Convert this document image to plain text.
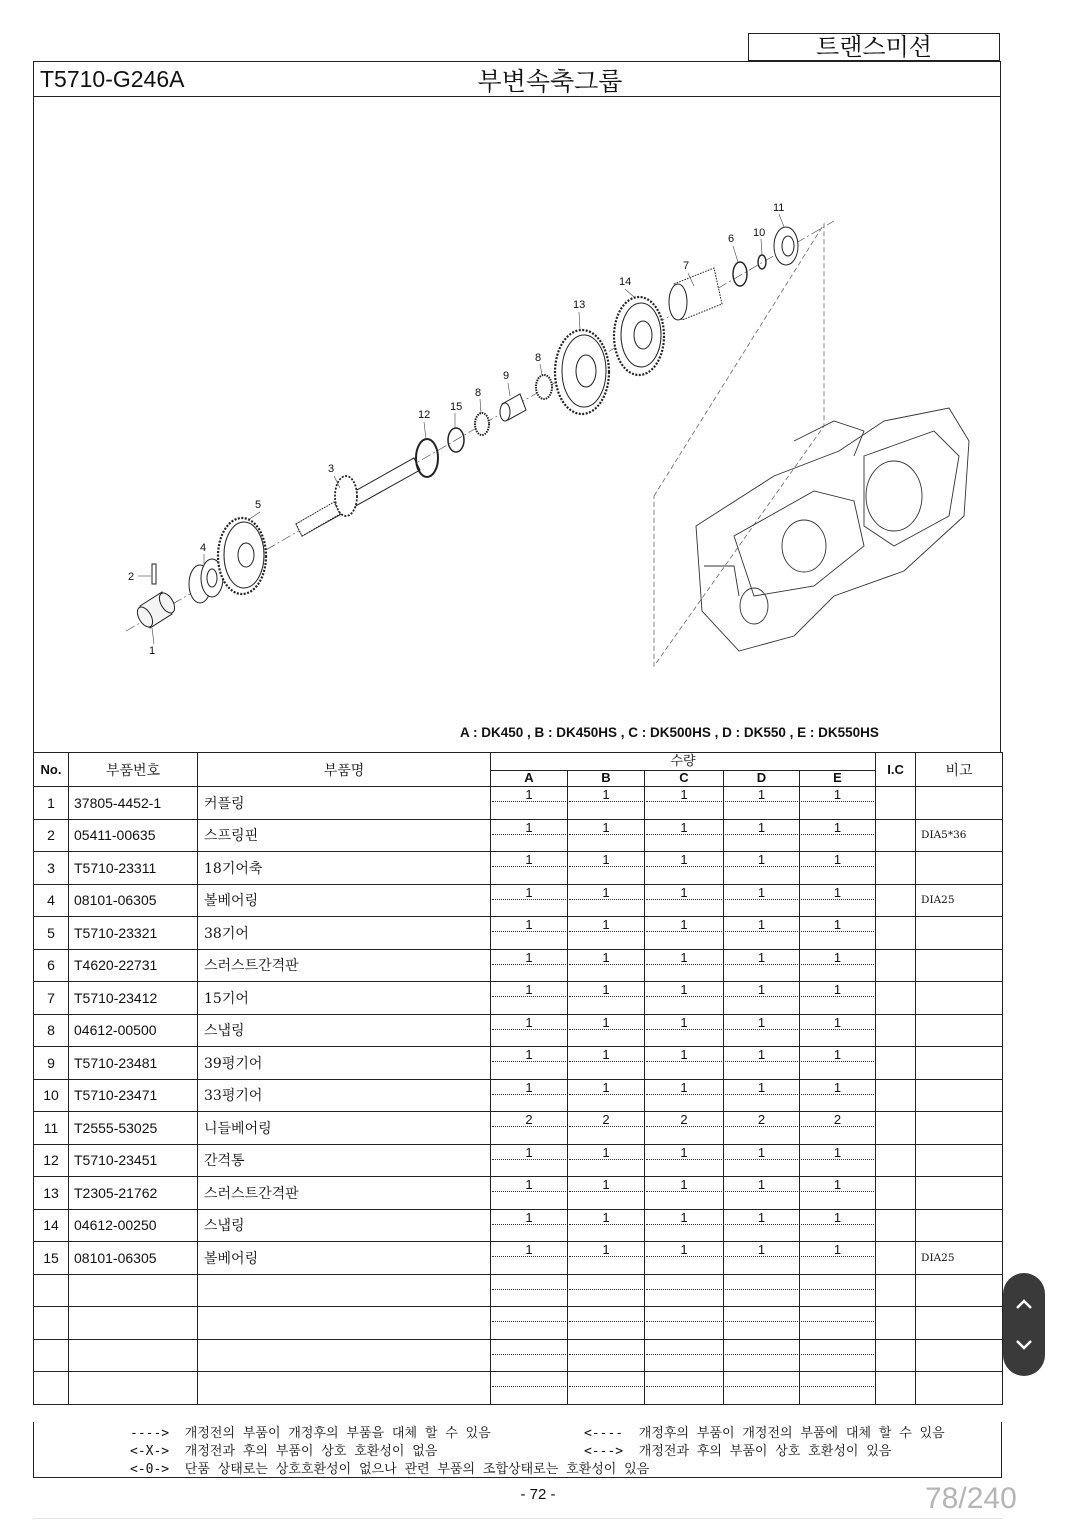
트랜스미션
T5710-G246A	부변속축그룹
1
2
3
4
5
6
7
8
8
9
10
11
12
13
14
15
A : DK450 , B : DK450HS , C : DK500HS , D : DK550 , E : DK550HS
No.	부품번호	부품명	수량					I.C	비고
			A	B	C	D	E		
1	37805-4452-1	커플링	1	1	1	1	1		

2	05411-00635	스프링핀	1	1	1	1	1		DIA5*36
3	T5710-23311	18기어축	1	1	1	1	1		

4	08101-06305	볼베어링	1	1	1	1	1		DIA25
5	T5710-23321	38기어	1	1	1	1	1		

6	T4620-22731	스러스트간격판	1	1	1	1	1		

7	T5710-23412	15기어	1	1	1	1	1		

8	04612-00500	스냅링	1	1	1	1	1		

9	T5710-23481	39평기어	1	1	1	1	1		

10	T5710-23471	33평기어	1	1	1	1	1		

11	T2555-53025	니들베어링	2	2	2	2	2		

12	T5710-23451	간격통	1	1	1	1	1		

13	T2305-21762	스러스트간격판	1	1	1	1	1		

14	04612-00250	스냅링	1	1	1	1	1		

15	08101-06305	볼베어링	1	1	1	1	1		DIA25

---->  개정전의 부품이 개정후의 부품을 대체 할 수 있음	<----  개정후의 부품이 개정전의 부품에 대체 할 수 있음
<-X->  개정전과 후의 부품이 상호 호환성이 없음	<--->  개정전과 후의 부품이 상호 호환성이 있음
<-0->  단품 상태로는 상호호환성이 없으나 관련 부품의 조합상태로는 호환성이 있음
- 72 -	78/240
